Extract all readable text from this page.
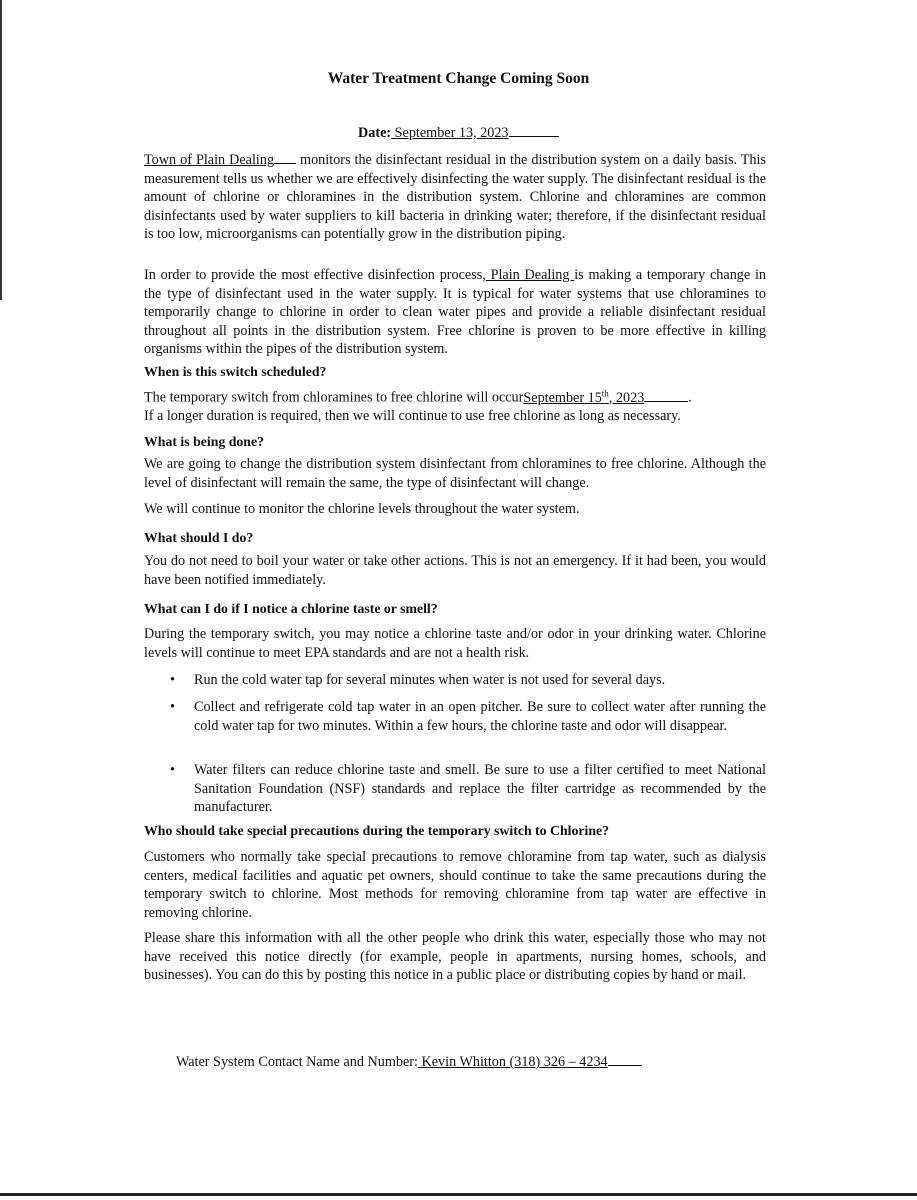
Water Treatment Change Coming Soon
Date: September 13, 2023

Town of Plain Dealing monitors the disinfectant residual in the distribution system on a daily basis. This measurement tells us whether we are effectively disinfecting the water supply. The disinfectant residual is the amount of chlorine or chloramines in the distribution system. Chlorine and chloramines are common disinfectants used by water suppliers to kill bacteria in drinking water; therefore, if the disinfectant residual is too low, microorganisms can potentially grow in the distribution piping.

In order to provide the most effective disinfection process, Plain Dealing is making a temporary change in the type of disinfectant used in the water supply. It is typical for water systems that use chloramines to temporarily change to chlorine in order to clean water pipes and provide a reliable disinfectant residual throughout all points in the distribution system. Free chlorine is proven to be more effective in killing organisms within the pipes of the distribution system.

When is this switch scheduled?

The temporary switch from chloramines to free chlorine will occurSeptember 15th, 2023	.

If a longer duration is required, then we will continue to use free chlorine as long as necessary.

What is being done?
We are going to change the distribution system disinfectant from chloramines to free chlorine. Although the level of disinfectant will remain the same, the type of disinfectant will change.
We will continue to monitor the chlorine levels throughout the water system.
What should I do?
You do not need to boil your water or take other actions. This is not an emergency. If it had been, you would have been notified immediately.
What can I do if I notice a chlorine taste or smell?
During the temporary switch, you may notice a chlorine taste and/or odor in your drinking water. Chlorine levels will continue to meet EPA standards and are not a health risk.
• Run the cold water tap for several minutes when water is not used for several days.
• Collect and refrigerate cold tap water in an open pitcher. Be sure to collect water after running the cold water tap for two minutes. Within a few hours, the chlorine taste and odor will disappear.
• Water filters can reduce chlorine taste and smell. Be sure to use a filter certified to meet National Sanitation Foundation (NSF) standards and replace the filter cartridge as recommended by the manufacturer.
Who should take special precautions during the temporary switch to Chlorine?
Customers who normally take special precautions to remove chloramine from tap water, such as dialysis centers, medical facilities and aquatic pet owners, should continue to take the same precautions during the temporary switch to chlorine. Most methods for removing chloramine from tap water are effective in removing chlorine.
Please share this information with all the other people who drink this water, especially those who may not have received this notice directly (for example, people in apartments, nursing homes, schools, and businesses). You can do this by posting this notice in a public place or distributing copies by hand or mail.
Water System Contact Name and Number: Kevin Whitton (318) 326 – 4234
